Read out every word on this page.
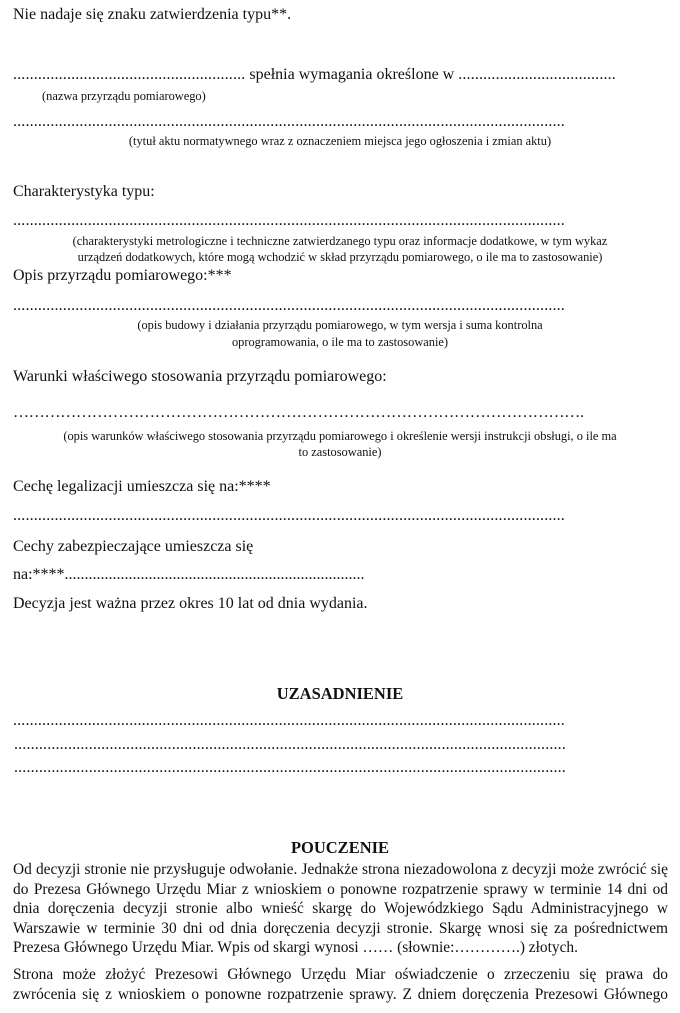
Nie nadaje się znaku zatwierdzenia typu**.
........................................................ spełnia wymagania określone w ......................................
(nazwa przyrządu pomiarowego)
.....................................................................................................................................
(tytuł aktu normatywnego wraz z oznaczeniem miejsca jego ogłoszenia i zmian aktu)
Charakterystyka typu:
.....................................................................................................................................
(charakterystyki metrologiczne i techniczne zatwierdzanego typu oraz informacje dodatkowe, w tym wykaz
urządzeń dodatkowych, które mogą wchodzić w skład przyrządu pomiarowego, o ile ma to zastosowanie)
Opis przyrządu pomiarowego:***
.....................................................................................................................................
(opis budowy i działania przyrządu pomiarowego, w tym wersja i suma kontrolna
oprogramowania, o ile ma to zastosowanie)
Warunki właściwego stosowania przyrządu pomiarowego:
……………………………………………………………………………………………….
(opis warunków właściwego stosowania przyrządu pomiarowego i określenie wersji instrukcji obsługi, o ile ma
to zastosowanie)
Cechę legalizacji umieszcza się na:****
.....................................................................................................................................
Cechy zabezpieczające umieszcza się
na:****...........................................................................
Decyzja jest ważna przez okres 10 lat od dnia wydania.
UZASADNIENIE
.....................................................................................................................................
.....................................................................................................................................
.....................................................................................................................................
POUCZENIE
Od decyzji stronie nie przysługuje odwołanie. Jednakże strona niezadowolona z decyzji może zwrócić się do Prezesa Głównego Urzędu Miar z wnioskiem o ponowne rozpatrzenie sprawy w terminie 14 dni od dnia doręczenia decyzji stronie albo wnieść skargę do Wojewódzkiego Sądu Administracyjnego w Warszawie w terminie 30 dni od dnia doręczenia decyzji stronie. Skargę wnosi się za pośrednictwem Prezesa Głównego Urzędu Miar. Wpis od skargi wynosi …… (słownie:………….) złotych.
Strona może złożyć Prezesowi Głównego Urzędu Miar oświadczenie o zrzeczeniu się prawa do zwrócenia się z wnioskiem o ponowne rozpatrzenie sprawy. Z dniem doręczenia Prezesowi Głównego
